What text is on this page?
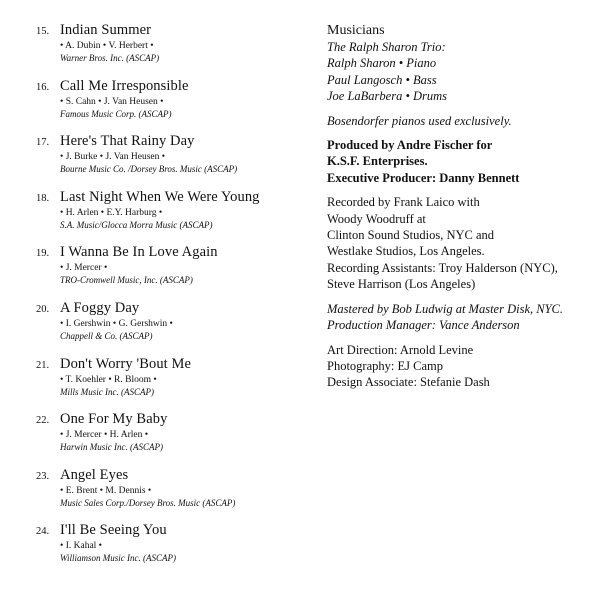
15. Indian Summer
• A. Dubin • V. Herbert •
Warner Bros. Inc. (ASCAP)
16. Call Me Irresponsible
• S. Cahn • J. Van Heusen •
Famous Music Corp. (ASCAP)
17. Here's That Rainy Day
• J. Burke • J. Van Heusen •
Bourne Music Co. /Dorsey Bros. Music (ASCAP)
18. Last Night When We Were Young
• H. Arlen • E.Y. Harburg •
S.A. Music/Glocca Morra Music (ASCAP)
19. I Wanna Be In Love Again
• J. Mercer •
TRO-Cromwell Music, Inc. (ASCAP)
20. A Foggy Day
• I. Gershwin • G. Gershwin •
Chappell & Co. (ASCAP)
21. Don't Worry 'Bout Me
• T. Koehler • R. Bloom •
Mills Music Inc. (ASCAP)
22. One For My Baby
• J. Mercer • H. Arlen •
Harwin Music Inc. (ASCAP)
23. Angel Eyes
• E. Brent • M. Dennis •
Music Sales Corp./Dorsey Bros. Music (ASCAP)
24. I'll Be Seeing You
• I. Kahal •
Williamson Music Inc. (ASCAP)
Musicians
The Ralph Sharon Trio:
Ralph Sharon • Piano
Paul Langosch • Bass
Joe LaBarbera • Drums
Bosendorfer pianos used exclusively.
Produced by Andre Fischer for
K.S.F. Enterprises.
Executive Producer: Danny Bennett
Recorded by Frank Laico with
Woody Woodruff at
Clinton Sound Studios, NYC and
Westlake Studios, Los Angeles.
Recording Assistants: Troy Halderson (NYC),
Steve Harrison (Los Angeles)
Mastered by Bob Ludwig at Master Disk, NYC.
Production Manager: Vance Anderson
Art Direction: Arnold Levine
Photography: EJ Camp
Design Associate: Stefanie Dash
